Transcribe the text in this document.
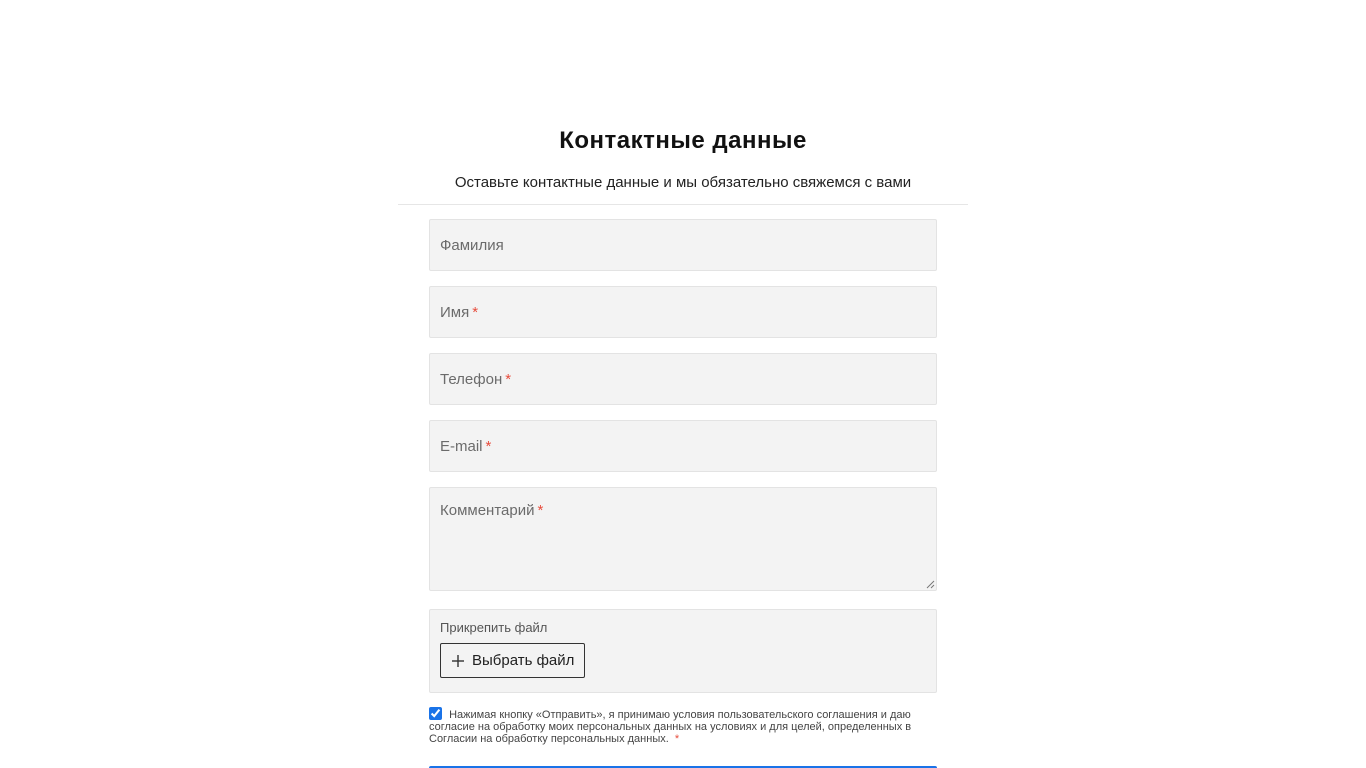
Контактные данные

Оставьте контактные данные и мы обязательно свяжемся с вами

Фамилия
Имя *
Телефон *
E-mail *
Комментарий *
Прикрепить файл
Выбрать файл
Нажимая кнопку «Отправить», я принимаю условия пользовательского соглашения и даю согласие на обработку моих персональных данных на условиях и для целей, определенных в Согласии на обработку персональных данных. *
